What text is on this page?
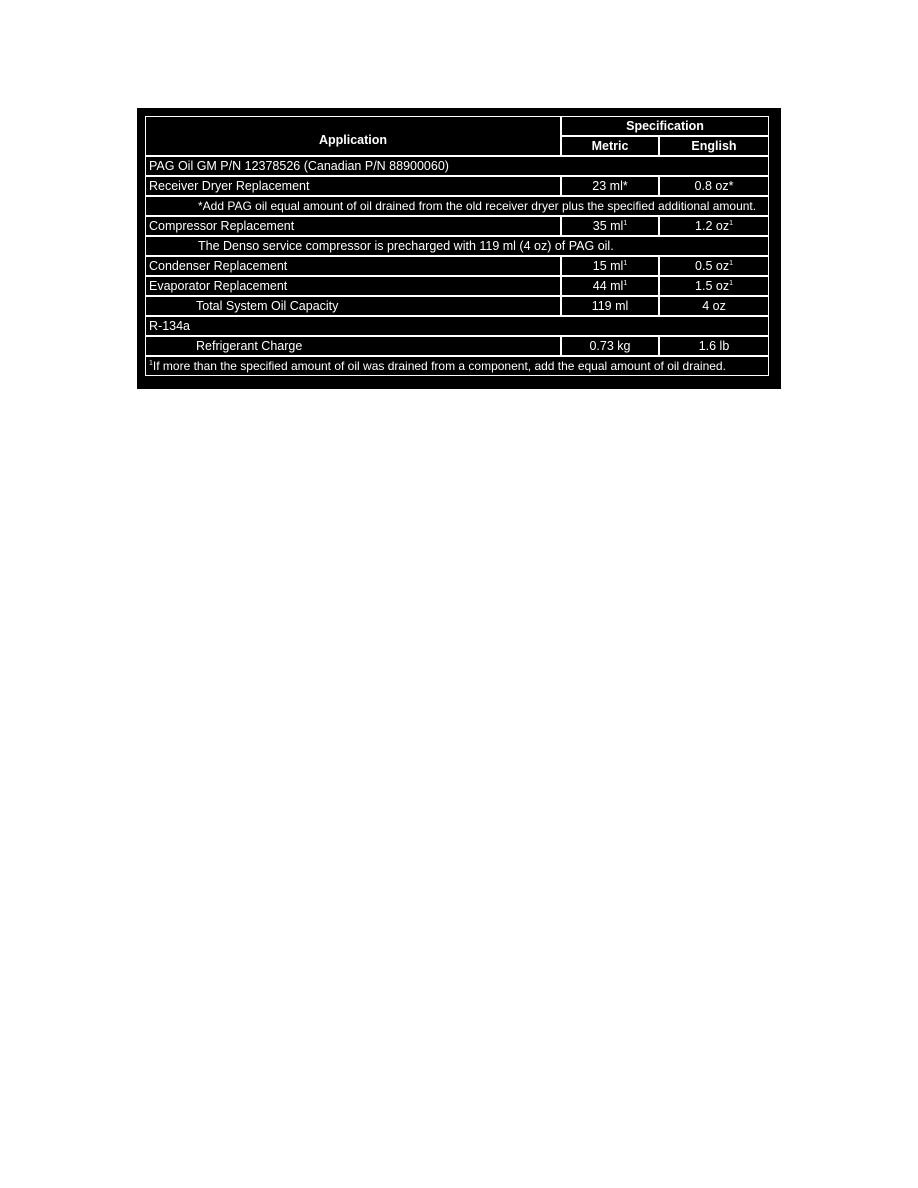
Application	Specification	
	Metric	English
PAG Oil GM P/N 12378526 (Canadian P/N 88900060)		
Receiver Dryer Replacement	23 ml*	0.8 oz*
*Add PAG oil equal amount of oil drained from the old receiver dryer plus the specified additional amount.		
Compressor Replacement	35 $ml^1$	1.2 $oz^1$
The Denso service compressor is precharged with 119 ml (4 oz) of PAG oil.		
Condenser Replacement	15 $ml^1$	0.5 $oz^1$
Evaporator Replacement	44 $ml^1$	1.5 $oz^1$
Total System Oil Capacity	119 ml	4 oz
R-134a		
Refrigerant Charge	0.73 kg	1.6 lb
$^1$If more than the specified amount of oil was drained from a component, add the equal amount of oil drained.		
